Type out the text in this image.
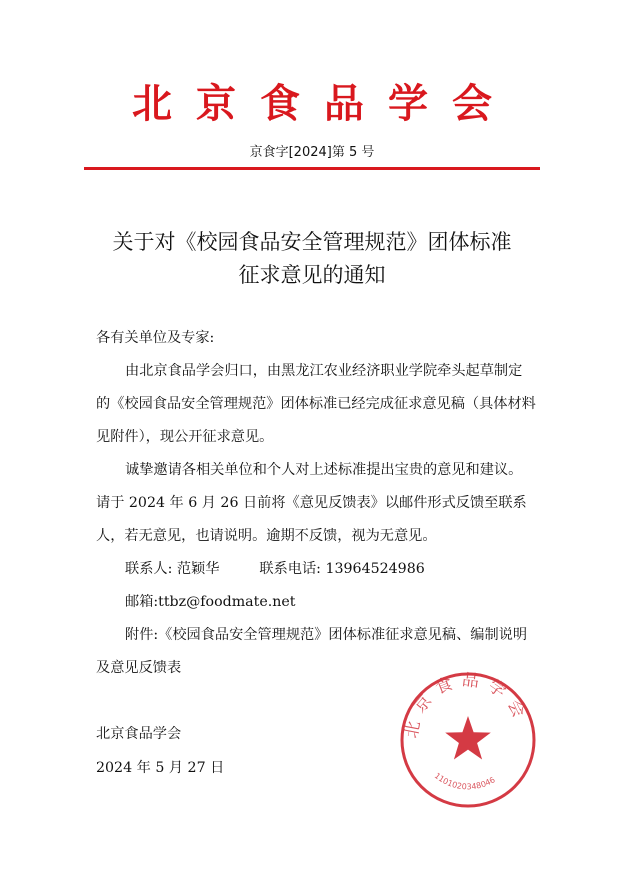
北京食品学会
京食字[2024]第 5 号
关于对《校园食品安全管理规范》团体标准
征求意见的通知
各有关单位及专家:

由北京食品学会归口，由黑龙江农业经济职业学院牵头起草制定的《校园食品安全管理规范》团体标准已经完成征求意见稿（具体材料见附件），现公开征求意见。

诚挚邀请各相关单位和个人对上述标准提出宝贵的意见和建议。请于 2024 年 6 月 26 日前将《意见反馈表》以邮件形式反馈至联系人，若无意见，也请说明。逾期不反馈，视为无意见。

联系人: 范颖华	联系电话: 13964524986
邮箱:ttbz@foodmate.net

附件:《校园食品安全管理规范》团体标准征求意见稿、编制说明及意见反馈表

北京食品学会
1101020348046
北京食品学会
2024 年 5 月 27 日
